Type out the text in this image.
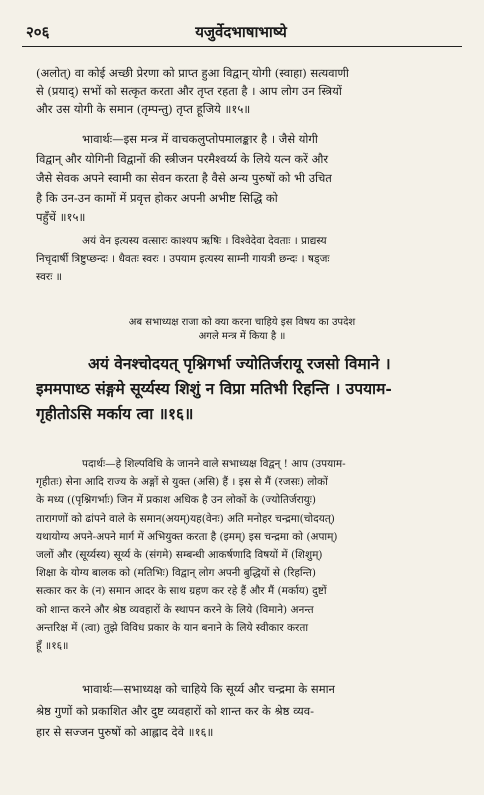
२०६	यजुर्वेदभाषाभाष्ये
(अलोत्) वा कोई अच्छी प्रेरणा को प्राप्त हुआ विद्वान् योगी (स्वाहा) सत्यवाणी
से (प्रयाद्) सभों को सत्कृत करता और तृप्त रहता है । आप लोग उन स्त्रियों
और उस योगी के समान (तृम्पन्तु) तृप्त हूजिये ॥१५॥
भावार्थः—इस मन्त्र में वाचकलुप्तोपमालङ्कार है । जैसे योगी
विद्वान् और योगिनी विद्वानों की स्त्रीजन परमैश्वर्य्य के लिये यत्न करें और
जैसे सेवक अपने स्वामी का सेवन करता है वैसे अन्य पुरुषों को भी उचित
है कि उन-उन कामों में प्रवृत्त होकर अपनी अभीष्ट सिद्धि को
पहुँचें ॥१५॥
अयं वेन इत्यस्य वत्सारः काश्यप ऋषिः । विश्वेदेवा देवताः । प्राद्यस्य
निचृदार्षी त्रिष्टुप्छन्दः । धैवतः स्वरः । उपयाम इत्यस्य साम्नी गायत्री छन्दः । षड्जः
स्वरः ॥
अब सभाध्यक्ष राजा को क्या करना चाहिये इस विषय का उपदेश
अगले मन्त्र में किया है ॥
अयं वेनश्चोदयत् पृश्निगर्भा ज्योतिर्जरायू रजसो विमाने ।
इममपाध्ठ संङ्गमे सूर्य्यस्य शिशुं न विप्रा मतिभी रिहन्ति । उपयाम-
गृहीतोऽसि मर्काय त्वा ॥१६॥
पदार्थः—हे शिल्पविधि के जानने वाले सभाध्यक्ष विद्वन् ! आप (उपयाम-
गृहीतः) सेना आदि राज्य के अङ्गों से युक्त (असि) हैं । इस से मैं (रजसः) लोकों
के मध्य ((पृश्निगर्भाः) जिन में प्रकाश अधिक है उन लोकों के (ज्योतिर्जरायुः)
तारागणों को ढांपने वाले के समान(अयम्)यह(वेनः) अति मनोहर चन्द्रमा(चोदयत्)
यथायोग्य अपने-अपने मार्ग में अभियुक्त करता है (इमम्) इस चन्द्रमा को (अपाम्)
जलों और (सूर्य्यस्य) सूर्य्य के (संगमे) सम्बन्धी आकर्षणादि विषयों में (शिशुम्)
शिक्षा के योग्य बालक को (मतिभिः) विद्वान् लोग अपनी बुद्धियों से (रिहन्ति)
सत्कार कर के (न) समान आदर के साथ ग्रहण कर रहे हैं और मैं (मर्काय) दुष्टों
को शान्त करने और श्रेष्ठ व्यवहारों के स्थापन करने के लिये (विमाने) अनन्त
अन्तरिक्ष में (त्वा) तुझे विविध प्रकार के यान बनाने के लिये स्वीकार करता
हूँ ॥१६॥
भावार्थः—सभाध्यक्ष को चाहिये कि सूर्य्य और चन्द्रमा के समान
श्रेष्ठ गुणों को प्रकाशित और दुष्ट व्यवहारों को शान्त कर के श्रेष्ठ व्यव-
हार से सज्जन पुरुषों को आह्लाद देवे ॥१६॥
